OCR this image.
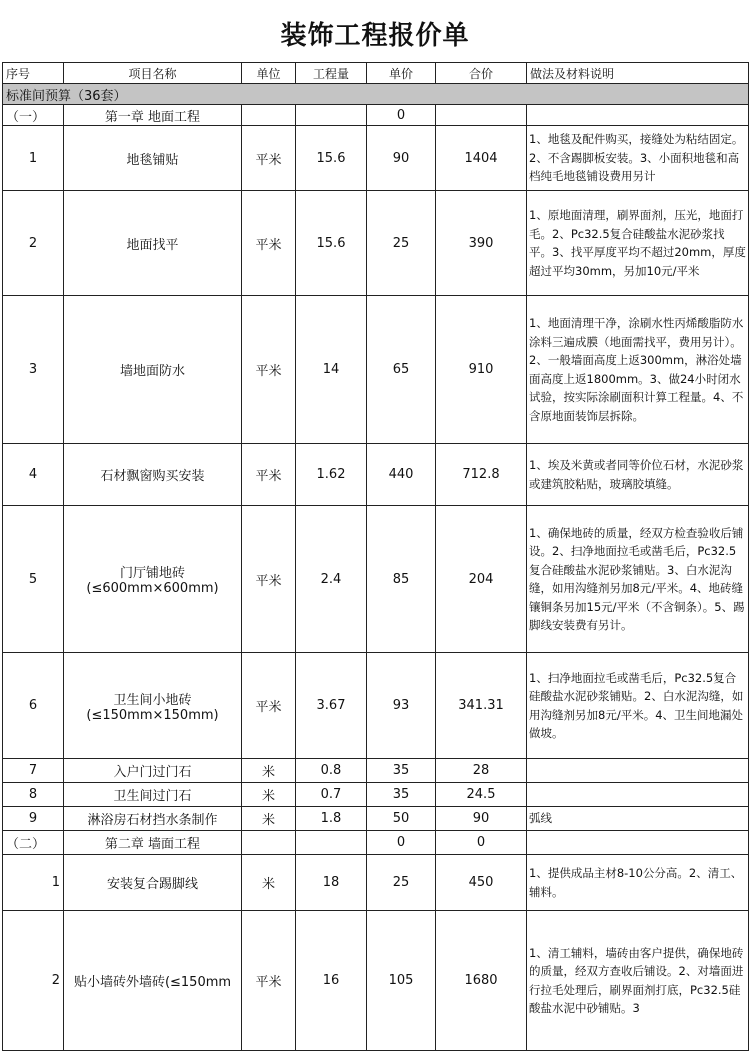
装饰工程报价单
序号	项目名称	单位	工程量	单价	合价	做法及材料说明
标准间预算（36套）						
（一）	第一章 地面工程			0		
1	地毯铺贴	平米	15.6	90	1404	1、地毯及配件购买，接缝处为粘结固定。2、不含踢脚板安装。3、小面积地毯和高档纯毛地毯铺设费用另计
2	地面找平	平米	15.6	25	390	1、原地面清理，刷界面剂，压光，地面打毛。2、Pc32.5复合硅酸盐水泥砂浆找平。3、找平厚度平均不超过20mm，厚度超过平均30mm，另加10元/平米
3	墙地面防水	平米	14	65	910	1、地面清理干净，涂刷水性丙烯酸脂防水涂料三遍成膜（地面需找平，费用另计）。2、一般墙面高度上返300mm，淋浴处墙面高度上返1800mm。3、做24小时闭水试验，按实际涂刷面积计算工程量。4、不含原地面装饰层拆除。
4	石材飘窗购买安装	平米	1.62	440	712.8	1、埃及米黄或者同等价位石材，水泥砂浆或建筑胶粘贴，玻璃胶填缝。
5	门厅铺地砖(≤600mm×600mm)	平米	2.4	85	204	1、确保地砖的质量，经双方检查验收后铺设。2、扫净地面拉毛或凿毛后，Pc32.5复合硅酸盐水泥砂浆铺贴。3、白水泥沟缝，如用沟缝剂另加8元/平米。4、地砖缝镶铜条另加15元/平米（不含铜条）。5、踢脚线安装费有另计。
6	卫生间小地砖(≤150mm×150mm)	平米	3.67	93	341.31	1、扫净地面拉毛或凿毛后，Pc32.5复合硅酸盐水泥砂浆铺贴。2、白水泥沟缝，如用沟缝剂另加8元/平米。4、卫生间地漏处做坡。
7	入户门过门石	米	0.8	35	28	
8	卫生间过门石	米	0.7	35	24.5	
9	淋浴房石材挡水条制作	米	1.8	50	90	弧线
（二）	第二章 墙面工程			0	0	
1	安装复合踢脚线	米	18	25	450	1、提供成品主材8-10公分高。2、清工、辅料。
2	贴小墙砖外墙砖(≤150mm	平米	16	105	1680	1、清工辅料，墙砖由客户提供，确保地砖的质量，经双方查收后铺设。2、对墙面进行拉毛处理后，刷界面剂打底，Pc32.5硅酸盐水泥中砂铺贴。3
